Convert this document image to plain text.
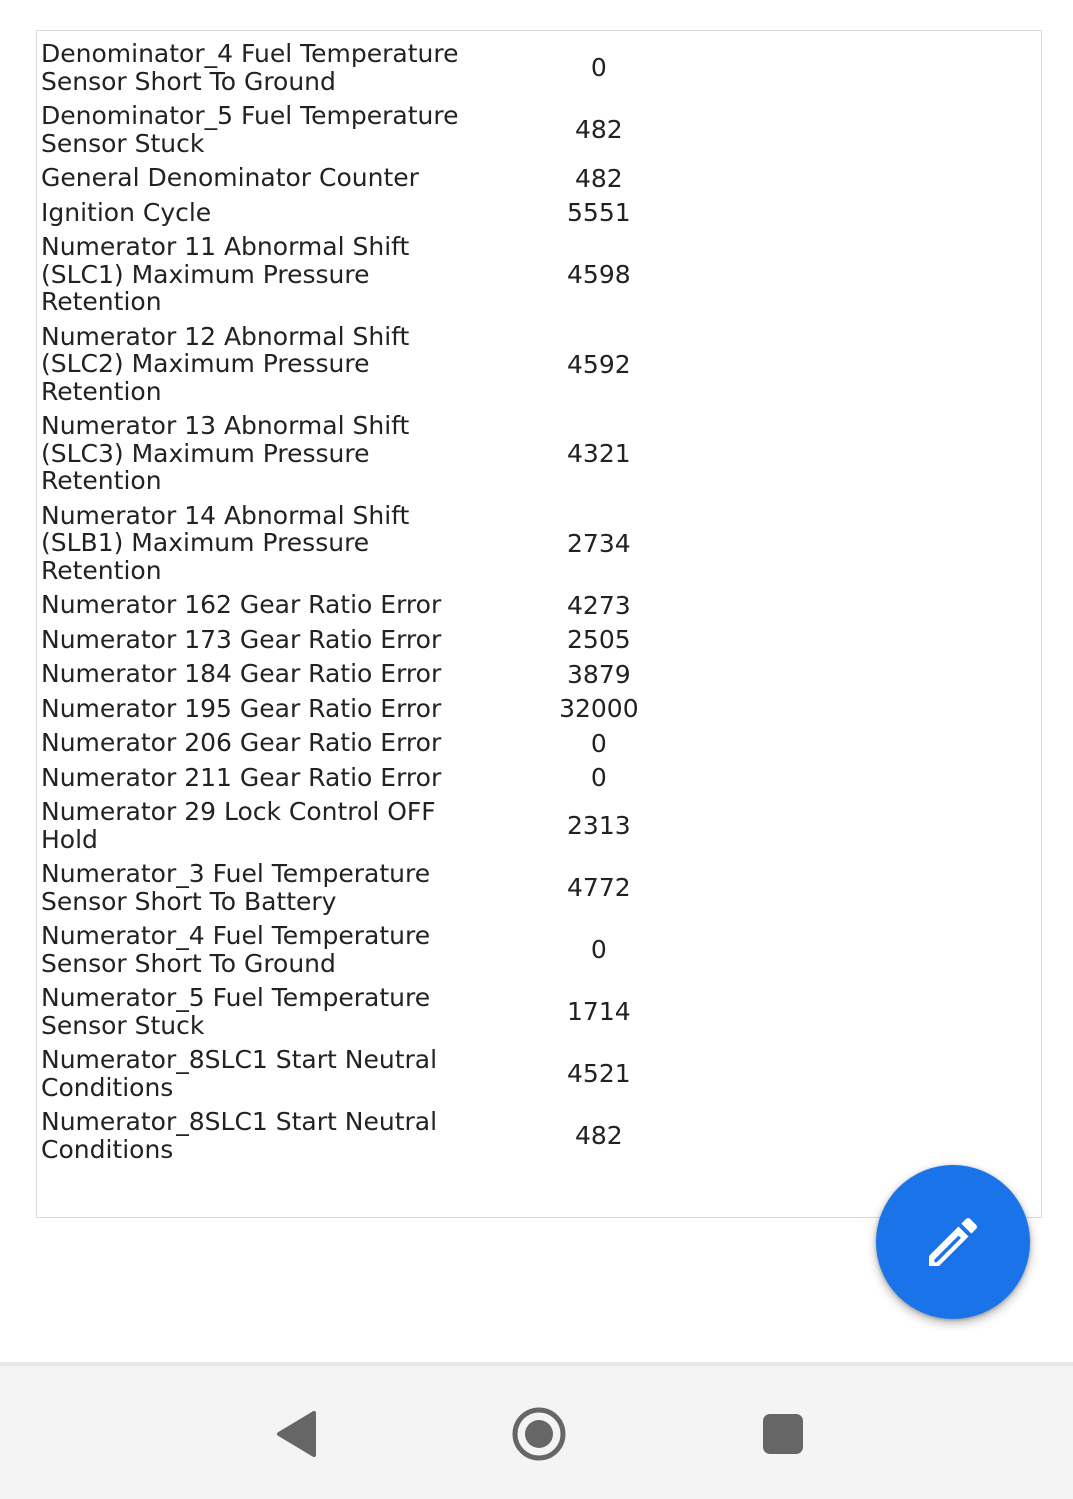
Denominator_4 Fuel Temperature Sensor Short To Ground	0
Denominator_5 Fuel Temperature Sensor Stuck	482
General Denominator Counter	482
Ignition Cycle	5551
Numerator 11 Abnormal Shift (SLC1) Maximum Pressure Retention	4598
Numerator 12 Abnormal Shift (SLC2) Maximum Pressure Retention	4592
Numerator 13 Abnormal Shift (SLC3) Maximum Pressure Retention	4321
Numerator 14 Abnormal Shift (SLB1) Maximum Pressure Retention	2734
Numerator 162 Gear Ratio Error	4273
Numerator 173 Gear Ratio Error	2505
Numerator 184 Gear Ratio Error	3879
Numerator 195 Gear Ratio Error	32000
Numerator 206 Gear Ratio Error	0
Numerator 211 Gear Ratio Error	0
Numerator 29 Lock Control OFF Hold	2313
Numerator_3 Fuel Temperature Sensor Short To Battery	4772
Numerator_4 Fuel Temperature Sensor Short To Ground	0
Numerator_5 Fuel Temperature Sensor Stuck	1714
Numerator_8SLC1 Start Neutral Conditions	4521
Numerator_8SLC1 Start Neutral Conditions	482
